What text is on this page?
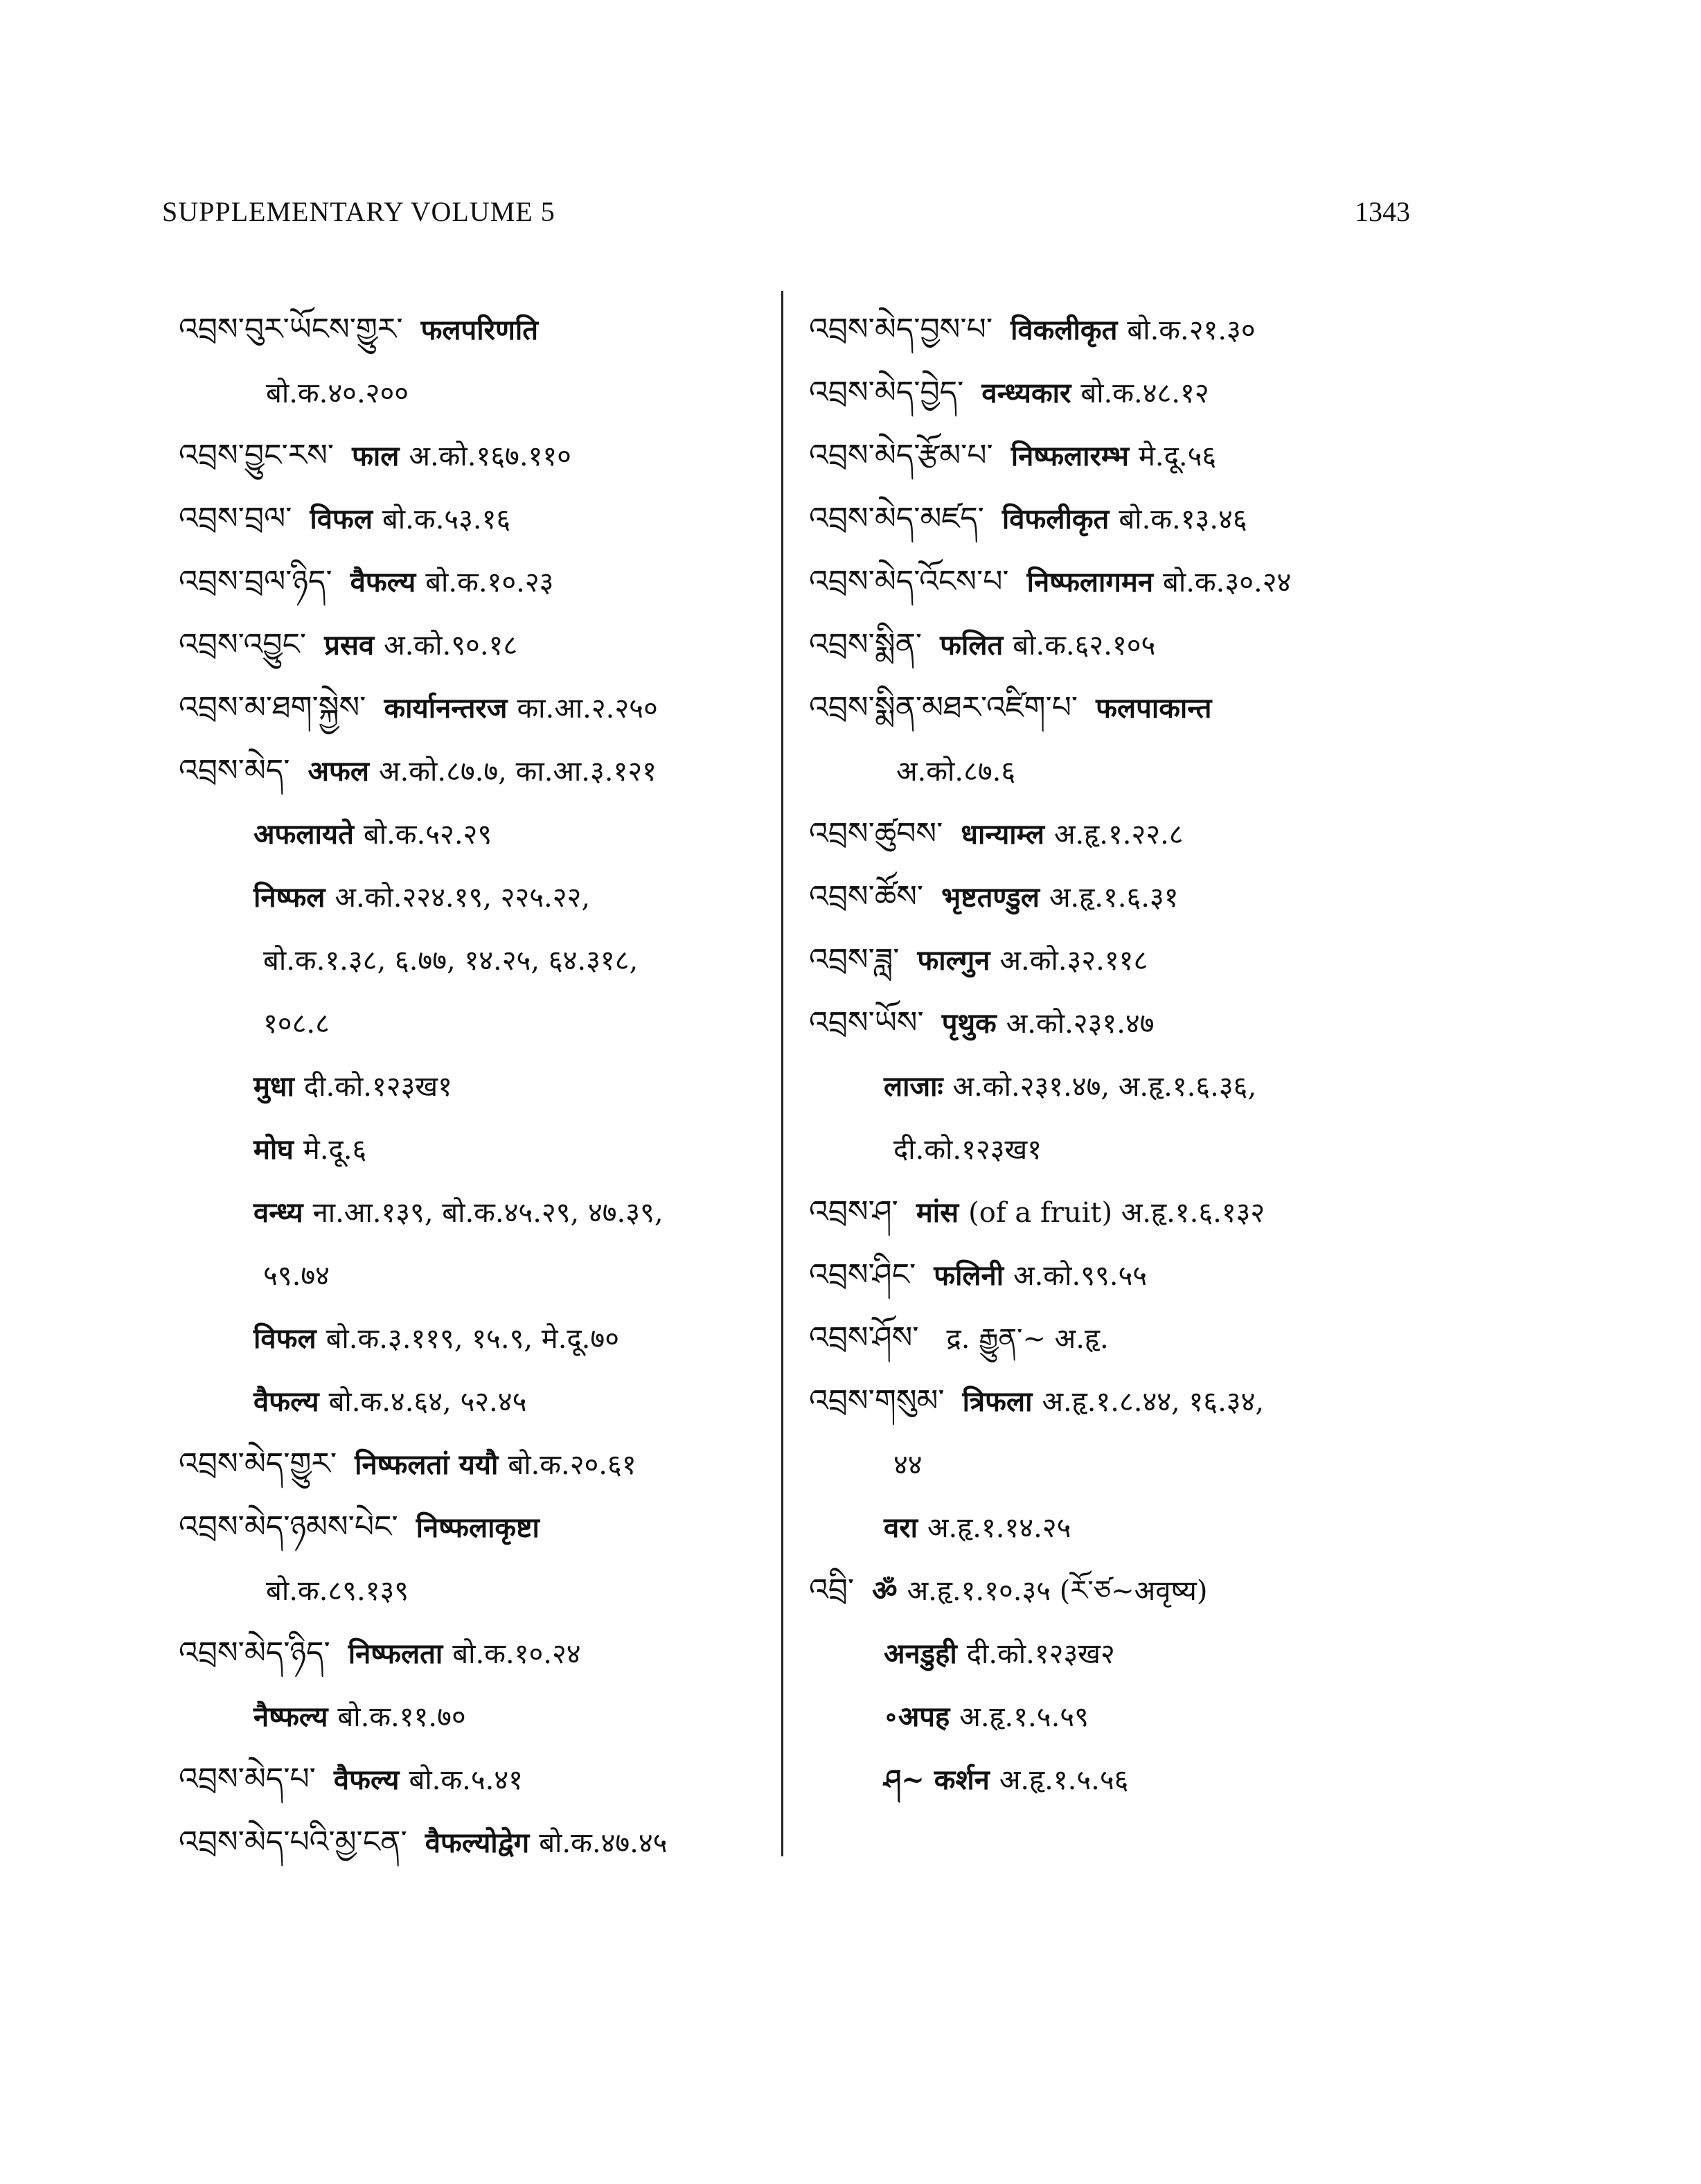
SUPPLEMENTARY VOLUME 5	1343
འབྲས་བུར་ཡོངས་གྱུར་ फलपरिणति
बो.क.४०.२००
འབྲས་བྱུང་རས་ फाल अ.को.१६७.११०
འབྲས་བྲལ་ विफल बो.क.५३.१६
འབྲས་བྲལ་ཉིད་ वैफल्य बो.क.१०.२३
འབྲས་འབྱུང་ प्रसव अ.को.९०.१८
འབྲས་མ་ཐག་སྐྱེས་ कार्यानन्तरज का.आ.२.२५०
འབྲས་མེད་ अफल अ.को.८७.७, का.आ.३.१२१
अफलायते बो.क.५२.२९
निष्फल अ.को.२२४.१९, २२५.२२,
बो.क.१.३८, ६.७७, १४.२५, ६४.३१८,
१०८.८
मुधा दी.को.१२३ख१
मोघ मे.दू.६
वन्ध्य ना.आ.१३९, बो.क.४५.२९, ४७.३९,
५९.७४
विफल बो.क.३.११९, १५.९, मे.दू.७०
वैफल्य बो.क.४.६४, ५२.४५
འབྲས་མེད་གྱུར་ निष्फलतां ययौ बो.क.२०.६१
འབྲས་མེད་ཉམས་པེང་ निष्फलाकृष्टा
बो.क.८९.१३९
འབྲས་མེད་ཉིད་ निष्फलता बो.क.१०.२४
नैष्फल्य बो.क.११.७०
འབྲས་མེད་པ་ वैफल्य बो.क.५.४१
འབྲས་མེད་པའི་མྱ་ངན་ वैफल्योद्वेग बो.क.४७.४५
འབྲས་མེད་བྱས་པ་ विकलीकृत बो.क.२१.३०
འབྲས་མེད་བྱེད་ वन्ध्यकार बो.क.४८.१२
འབྲས་མེད་རྩོམ་པ་ निष्फलारम्भ मे.दू.५६
འབྲས་མེད་མཛད་ विफलीकृत बो.क.१३.४६
འབྲས་མེད་འོངས་པ་ निष्फलागमन बो.क.३०.२४
འབྲས་སྨིན་ फलित बो.क.६२.१०५
འབྲས་སྨིན་མཐར་འཛིག་པ་ फलपाकान्त
अ.को.८७.६
འབྲས་ཚུབས་ धान्याम्ल अ.हृ.१.२२.८
འབྲས་ཚོས་ भृष्टतण्डुल अ.हृ.१.६.३१
འབྲས་ཟླ་ फाल्गुन अ.को.३२.११८
འབྲས་ཡོས་ पृथुक अ.को.२३१.४७
लाजाः अ.को.२३१.४७, अ.हृ.१.६.३६,
दी.को.१२३ख१
འབྲས་ཤ་ मांस (of a fruit) अ.हृ.१.६.१३२
འབྲས་ཤིང་ फलिनी अ.को.९९.५५
འབྲས་ཤོས་ द्र. རྒྱུན་~ अ.हृ.
འབྲས་གསུམ་ त्रिफला अ.हृ.१.८.४४, १६.३४,
४४
वरा अ.हृ.१.१४.२५
འབྲི་ ॐ अ.हृ.१.१०.३५ (རོ་ཙ~अवृष्य)
अनडुही दी.को.१२३ख२
∘अपह अ.हृ.१.५.५९
ཤ~ कर्शन अ.हृ.१.५.५६
